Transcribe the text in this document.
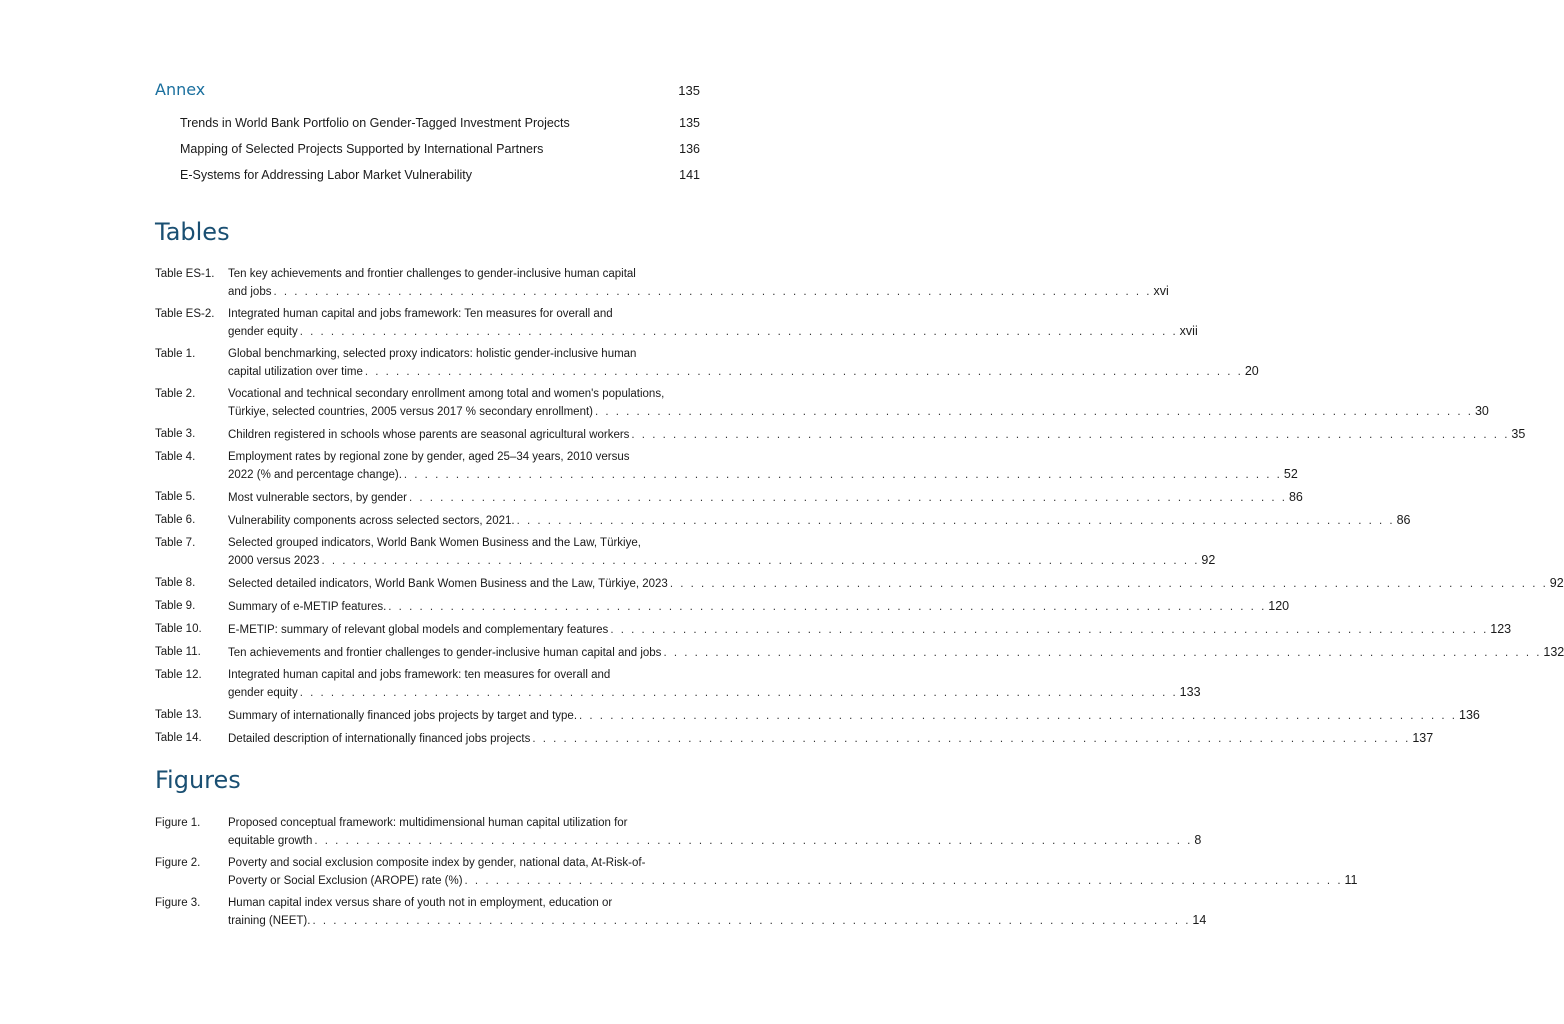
Annex	135
Trends in World Bank Portfolio on Gender-Tagged Investment Projects	135
Mapping of Selected Projects Supported by International Partners	136
E-Systems for Addressing Labor Market Vulnerability	141
Tables
Table ES-1.	Ten key achievements and frontier challenges to gender-inclusive human capital
and jobs . . . . . . . . . . . . . . . . . . . . . . . . . . . . . . . . . . . . . . . . . . . . . . . . . . . . . . . . . . . . . . . . . . . . . . . . . . . . . . . . . . . . . xvi
Table ES-2.	Integrated human capital and jobs framework: Ten measures for overall and
gender equity . . . . . . . . . . . . . . . . . . . . . . . . . . . . . . . . . . . . . . . . . . . . . . . . . . . . . . . . . . . . . . . . . . . . . . . . . . . . . . . . . . . . . xvii
Table 1.	Global benchmarking, selected proxy indicators: holistic gender-inclusive human
capital utilization over time . . . . . . . . . . . . . . . . . . . . . . . . . . . . . . . . . . . . . . . . . . . . . . . . . . . . . . . . . . . . . . . . . . . . . . . . . . . . . . . . . . . . . 20
Table 2.	Vocational and technical secondary enrollment among total and women's populations,
Türkiye, selected countries, 2005 versus 2017 % secondary enrollment) . . . . . . . . . . . . . . . . . . . . . . . . . . . . . . . . . . . . . . . . . . . . . . . . . . . . . . . . . . . . . . . . . . . . . . . . . . . . . . . . . . . . . 30
Table 3.	Children registered in schools whose parents are seasonal agricultural workers . . . . . . . . . . . . . . . . . . . . . . . . . . . . . . . . . . . . . . . . . . . . . . . . . . . . . . . . . . . . . . . . . . . . . . . . . . . . . . . . . . . . . 35
Table 4.	Employment rates by regional zone by gender, aged 25–34 years, 2010 versus
2022 (% and percentage change). . . . . . . . . . . . . . . . . . . . . . . . . . . . . . . . . . . . . . . . . . . . . . . . . . . . . . . . . . . . . . . . . . . . . . . . . . . . . . . . . . . . . . 52
Table 5.	Most vulnerable sectors, by gender . . . . . . . . . . . . . . . . . . . . . . . . . . . . . . . . . . . . . . . . . . . . . . . . . . . . . . . . . . . . . . . . . . . . . . . . . . . . . . . . . . . . . 86
Table 6.	Vulnerability components across selected sectors, 2021. . . . . . . . . . . . . . . . . . . . . . . . . . . . . . . . . . . . . . . . . . . . . . . . . . . . . . . . . . . . . . . . . . . . . . . . . . . . . . . . . . . . . . 86
Table 7.	Selected grouped indicators, World Bank Women Business and the Law, Türkiye,
2000 versus 2023 . . . . . . . . . . . . . . . . . . . . . . . . . . . . . . . . . . . . . . . . . . . . . . . . . . . . . . . . . . . . . . . . . . . . . . . . . . . . . . . . . . . . . 92
Table 8.	Selected detailed indicators, World Bank Women Business and the Law, Türkiye, 2023 . . . . . . . . . . . . . . . . . . . . . . . . . . . . . . . . . . . . . . . . . . . . . . . . . . . . . . . . . . . . . . . . . . . . . . . . . . . . . . . . . . . . . 92
Table 9.	Summary of e-METIP features. . . . . . . . . . . . . . . . . . . . . . . . . . . . . . . . . . . . . . . . . . . . . . . . . . . . . . . . . . . . . . . . . . . . . . . . . . . . . . . . . . . . . . 120
Table 10.	E-METIP: summary of relevant global models and complementary features . . . . . . . . . . . . . . . . . . . . . . . . . . . . . . . . . . . . . . . . . . . . . . . . . . . . . . . . . . . . . . . . . . . . . . . . . . . . . . . . . . . . . 123
Table 11.	Ten achievements and frontier challenges to gender-inclusive human capital and jobs . . . . . . . . . . . . . . . . . . . . . . . . . . . . . . . . . . . . . . . . . . . . . . . . . . . . . . . . . . . . . . . . . . . . . . . . . . . . . . . . . . . . . 132
Table 12.	Integrated human capital and jobs framework: ten measures for overall and
gender equity . . . . . . . . . . . . . . . . . . . . . . . . . . . . . . . . . . . . . . . . . . . . . . . . . . . . . . . . . . . . . . . . . . . . . . . . . . . . . . . . . . . . . 133
Table 13.	Summary of internationally financed jobs projects by target and type. . . . . . . . . . . . . . . . . . . . . . . . . . . . . . . . . . . . . . . . . . . . . . . . . . . . . . . . . . . . . . . . . . . . . . . . . . . . . . . . . . . . . . 136
Table 14.	Detailed description of internationally financed jobs projects . . . . . . . . . . . . . . . . . . . . . . . . . . . . . . . . . . . . . . . . . . . . . . . . . . . . . . . . . . . . . . . . . . . . . . . . . . . . . . . . . . . . . 137
Figures
Figure 1.	Proposed conceptual framework: multidimensional human capital utilization for
equitable growth . . . . . . . . . . . . . . . . . . . . . . . . . . . . . . . . . . . . . . . . . . . . . . . . . . . . . . . . . . . . . . . . . . . . . . . . . . . . . . . . . . . . . 8
Figure 2.	Poverty and social exclusion composite index by gender, national data, At-Risk-of-
Poverty or Social Exclusion (AROPE) rate (%) . . . . . . . . . . . . . . . . . . . . . . . . . . . . . . . . . . . . . . . . . . . . . . . . . . . . . . . . . . . . . . . . . . . . . . . . . . . . . . . . . . . . . 11
Figure 3.	Human capital index versus share of youth not in employment, education or
training (NEET). . . . . . . . . . . . . . . . . . . . . . . . . . . . . . . . . . . . . . . . . . . . . . . . . . . . . . . . . . . . . . . . . . . . . . . . . . . . . . . . . . . . . . 14
